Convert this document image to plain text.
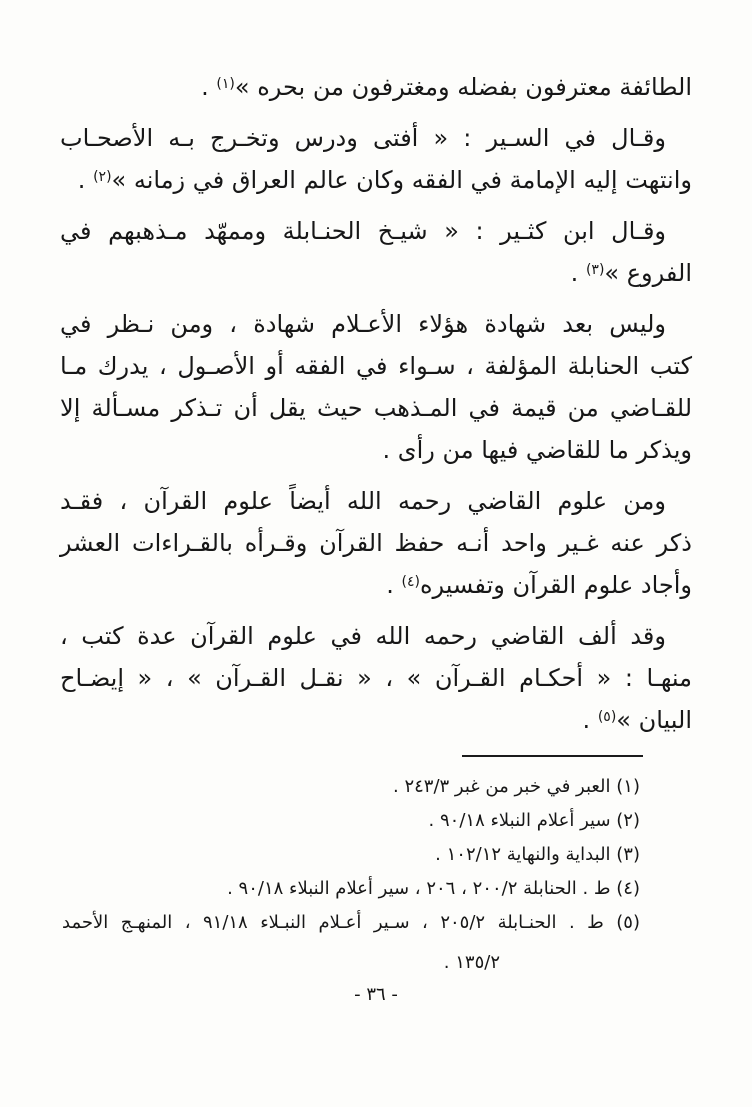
الطائفة معترفون بفضله ومغترفون من بحره »$^{(١)}$ .

وقـال في السـير : « أفتى ودرس وتخـرج بـه الأصحـاب
وانتهت إليه الإمامة في الفقه وكان عالم العراق في زمانه »$^{(٢)}$ .

وقـال ابن كثـير : « شيـخ الحنـابلة وممهّد مـذهبهم في
الفروع »$^{(٣)}$ .

وليس بعد شهادة هؤلاء الأعـلام شهادة ، ومن نـظر في
كتب الحنابلة المؤلفة ، سـواء في الفقه أو الأصـول ، يدرك مـا
للقـاضي من قيمة في المـذهب حيث يقل أن تـذكر مسـألة إلا
ويذكر ما للقاضي فيها من رأى .

ومن علوم القاضي رحمه الله أيضاً علوم القرآن ، فقـد
ذكر عنه غـير واحد أنـه حفظ القرآن وقـرأه بالقـراءات العشر
وأجاد علوم القرآن وتفسيره$^{(٤)}$ .

وقد ألف القاضي رحمه الله في علوم القرآن عدة كتب ،
منهـا : « أحكـام القـرآن » ، « نقـل القـرآن » ، « إيضـاح
البيان »$^{(٥)}$ .

(١) العبر في خبر من غبر ٢٤٣/٣ .
(٢) سير أعلام النبلاء ٩٠/١٨ .
(٣) البداية والنهاية ١٠٢/١٢ .
(٤) ط . الحنابلة ٢٠٠/٢ ، ٢٠٦ ، سير أعلام النبلاء ٩٠/١٨ .
(٥) ط . الحنـابلة ٢٠٥/٢ ، سـير أعـلام النبـلاء ٩١/١٨ ، المنهـج الأحمد
١٣٥/٢ .
- ٣٦ -
